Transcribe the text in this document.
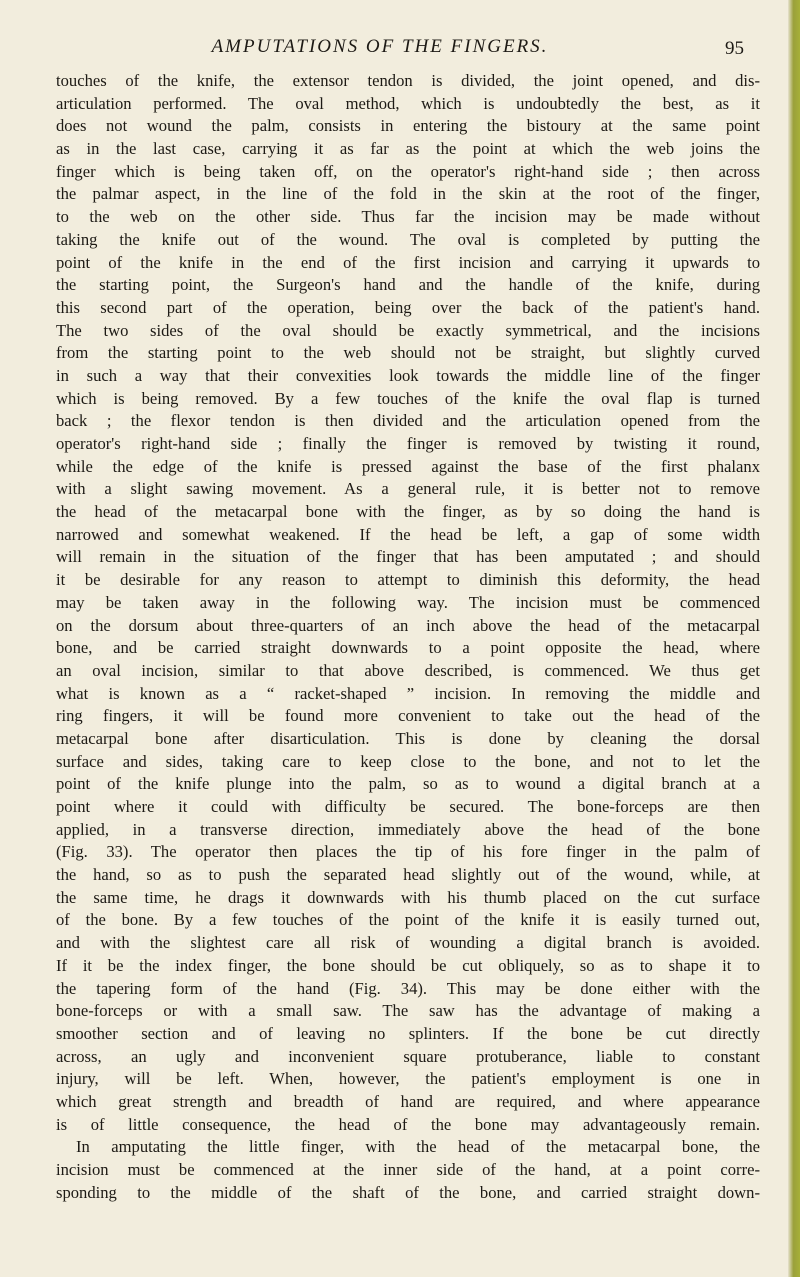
AMPUTATIONS OF THE FINGERS.	95
touches of the knife, the extensor tendon is divided, the joint opened, and dis-
articulation performed. The oval method, which is undoubtedly the best, as it
does not wound the palm, consists in entering the bistoury at the same point
as in the last case, carrying it as far as the point at which the web joins the
finger which is being taken off, on the operator's right-hand side ; then across
the palmar aspect, in the line of the fold in the skin at the root of the finger,
to the web on the other side. Thus far the incision may be made without
taking the knife out of the wound. The oval is completed by putting the
point of the knife in the end of the first incision and carrying it upwards to
the starting point, the Surgeon's hand and the handle of the knife, during
this second part of the operation, being over the back of the patient's hand.
The two sides of the oval should be exactly symmetrical, and the incisions
from the starting point to the web should not be straight, but slightly curved
in such a way that their convexities look towards the middle line of the finger
which is being removed. By a few touches of the knife the oval flap is turned
back ; the flexor tendon is then divided and the articulation opened from the
operator's right-hand side ; finally the finger is removed by twisting it round,
while the edge of the knife is pressed against the base of the first phalanx
with a slight sawing movement. As a general rule, it is better not to remove
the head of the metacarpal bone with the finger, as by so doing the hand is
narrowed and somewhat weakened. If the head be left, a gap of some width
will remain in the situation of the finger that has been amputated ; and should
it be desirable for any reason to attempt to diminish this deformity, the head
may be taken away in the following way. The incision must be commenced
on the dorsum about three-quarters of an inch above the head of the metacarpal
bone, and be carried straight downwards to a point opposite the head, where
an oval incision, similar to that above described, is commenced. We thus get
what is known as a “ racket-shaped ” incision. In removing the middle and
ring fingers, it will be found more convenient to take out the head of the
metacarpal bone after disarticulation. This is done by cleaning the dorsal
surface and sides, taking care to keep close to the bone, and not to let the
point of the knife plunge into the palm, so as to wound a digital branch at a
point where it could with difficulty be secured. The bone-forceps are then
applied, in a transverse direction, immediately above the head of the bone
(Fig. 33). The operator then places the tip of his fore finger in the palm of
the hand, so as to push the separated head slightly out of the wound, while, at
the same time, he drags it downwards with his thumb placed on the cut surface
of the bone. By a few touches of the point of the knife it is easily turned out,
and with the slightest care all risk of wounding a digital branch is avoided.
If it be the index finger, the bone should be cut obliquely, so as to shape it to
the tapering form of the hand (Fig. 34). This may be done either with the
bone-forceps or with a small saw. The saw has the advantage of making a
smoother section and of leaving no splinters. If the bone be cut directly
across, an ugly and inconvenient square protuberance, liable to constant
injury, will be left. When, however, the patient's employment is one in
which great strength and breadth of hand are required, and where appearance
is of little consequence, the head of the bone may advantageously remain.
In amputating the little finger, with the head of the metacarpal bone, the
incision must be commenced at the inner side of the hand, at a point corre-
sponding to the middle of the shaft of the bone, and carried straight down-
